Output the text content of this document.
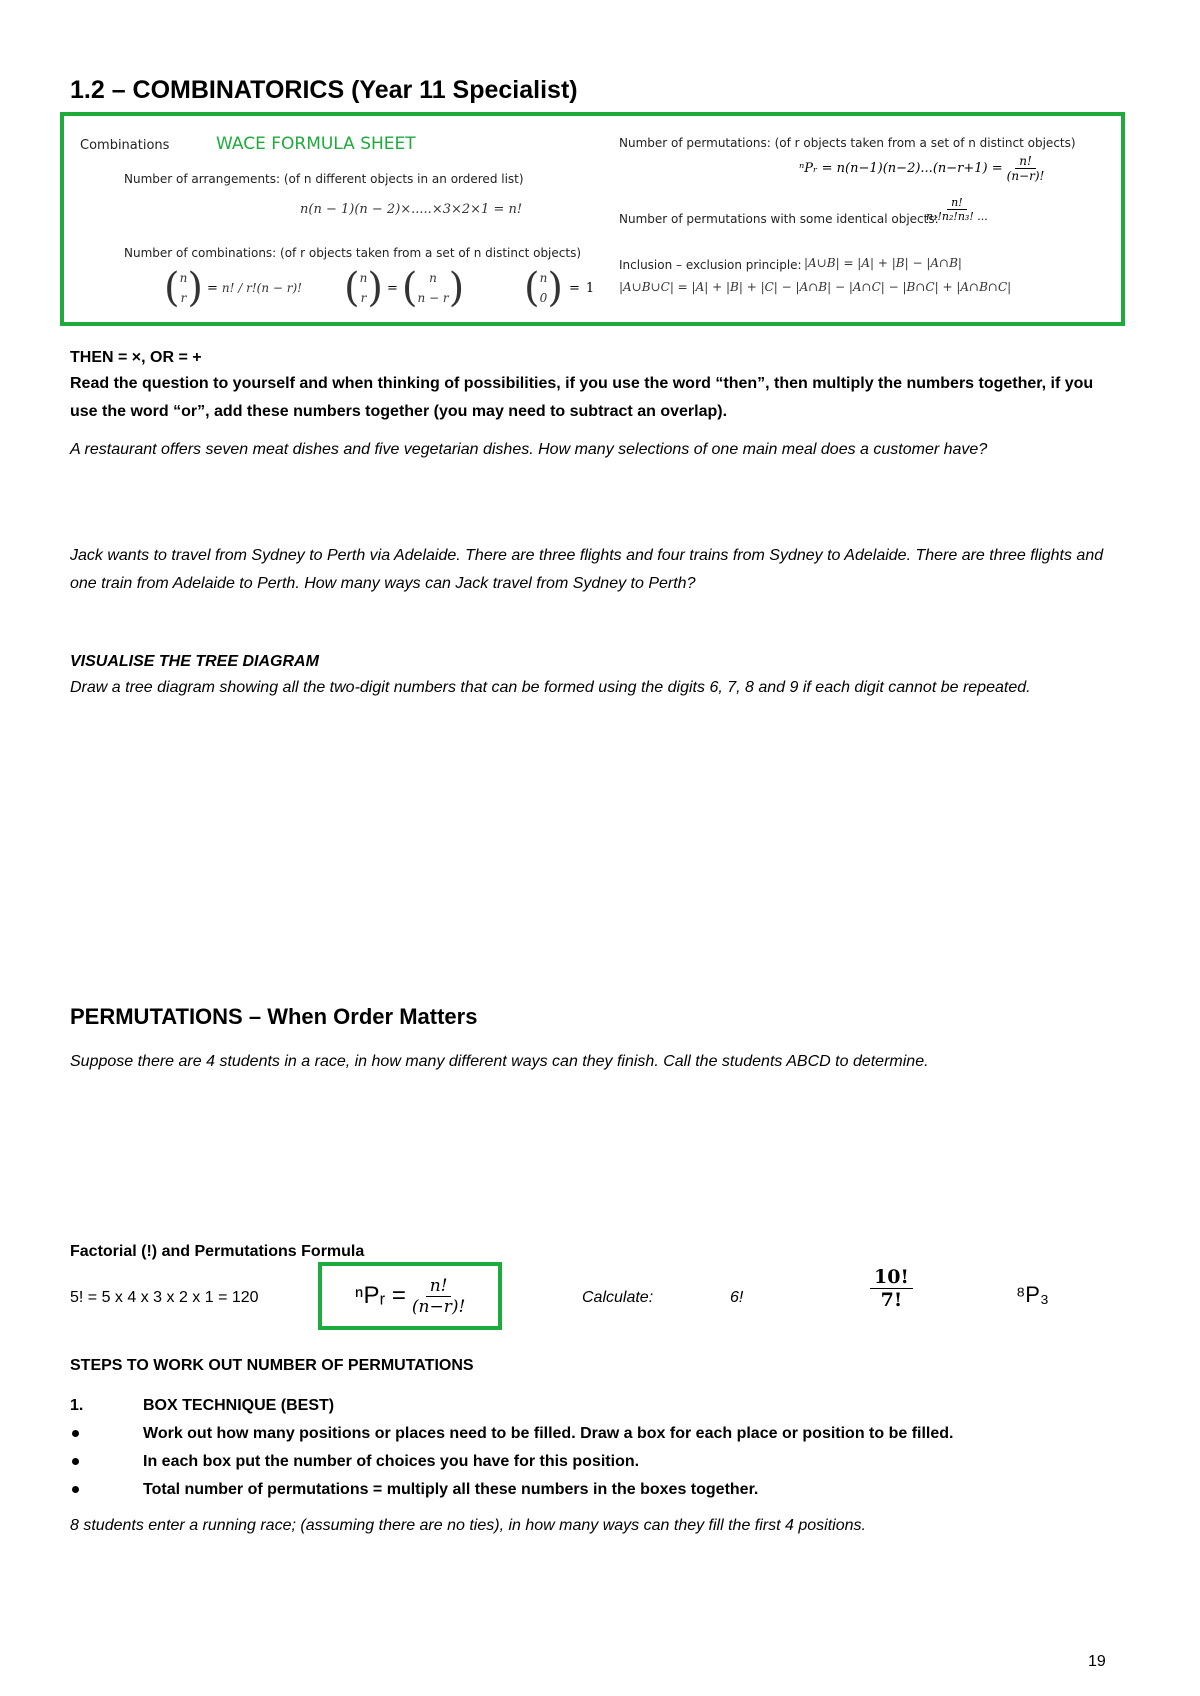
1.2 – COMBINATORICS (Year 11 Specialist)
Combinations	WACE FORMULA SHEET
Number of arrangements: (of n different objects in an ordered list)
n(n − 1)(n − 2)×.....×3×2×1 = n!
Number of combinations: (of r objects taken from a set of n distinct objects)
( n
r ) = n! / r!(n − r)! ( n
r ) = ( n
n − r ) ( n
0 ) = 1
Number of permutations: (of r objects taken from a set of n distinct objects)
ⁿPᵣ = $n(n-1)(n-2)...(n-r+1) = \frac{n!}{(n-r)!}$
Number of permutations with some identical objects:
$\frac{n!}{\text{n₁!n₂!n₃! ...}}$
Inclusion – exclusion principle: |A∪B| = |A| + |B| − |A∩B|
|A∪B∪C| = |A| + |B| + |C| − |A∩B| − |A∩C| − |B∩C| + |A∩B∩C|
THEN = ×, OR = +
Read the question to yourself and when thinking of possibilities, if you use the word “then”, then multiply the numbers together, if you use the word “or”, add these numbers together (you may need to subtract an overlap).
A restaurant offers seven meat dishes and five vegetarian dishes. How many selections of one main meal does a customer have?
Jack wants to travel from Sydney to Perth via Adelaide. There are three flights and four trains from Sydney to Adelaide. There are three flights and one train from Adelaide to Perth. How many ways can Jack travel from Sydney to Perth?
VISUALISE THE TREE DIAGRAM
Draw a tree diagram showing all the two-digit numbers that can be formed using the digits 6, 7, 8 and 9 if each digit cannot be repeated.
PERMUTATIONS – When Order Matters
Suppose there are 4 students in a race, in how many different ways can they finish. Call the students ABCD to determine.
Factorial (!) and Permutations Formula
5! = 5 x 4 x 3 x 2 x 1 = 120	ⁿPᵣ = $\frac{n!}{(n-r)!}$	Calculate:	6!	$\frac{10!}{7!}$	⁸P₃
STEPS TO WORK OUT NUMBER OF PERMUTATIONS
1.	BOX TECHNIQUE (BEST)
Work out how many positions or places need to be filled. Draw a box for each place or position to be filled.
In each box put the number of choices you have for this position.
Total number of permutations = multiply all these numbers in the boxes together.
8 students enter a running race; (assuming there are no ties), in how many ways can they fill the first 4 positions.
19
